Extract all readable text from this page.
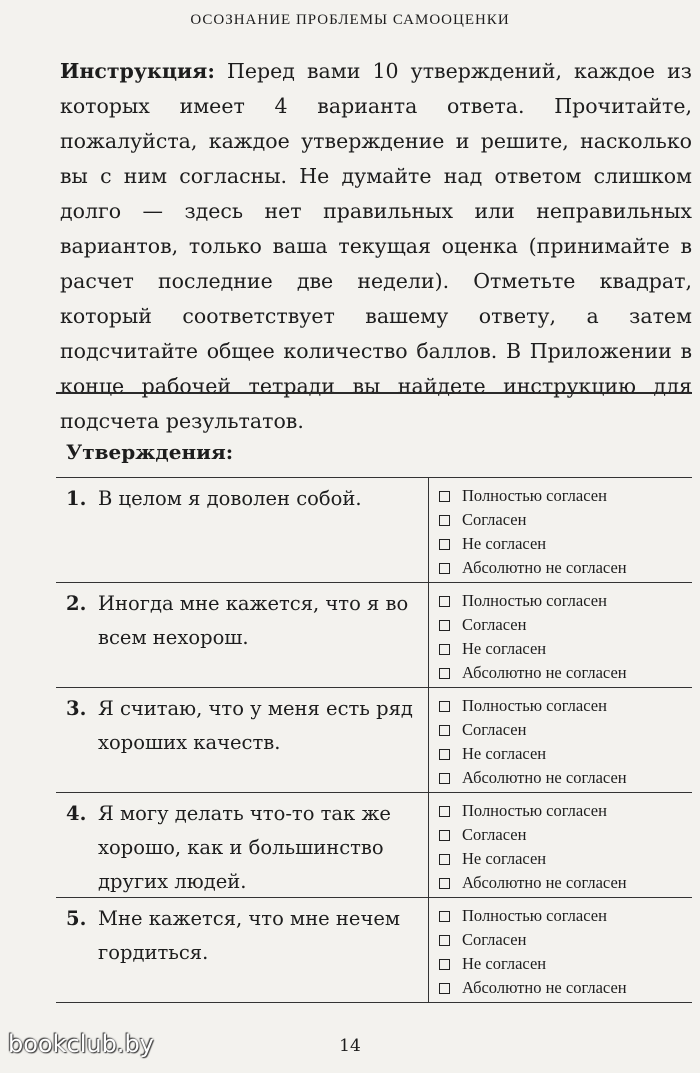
ОСОЗНАНИЕ ПРОБЛЕМЫ САМООЦЕНКИ
Инструкция: Перед вами 10 утверждений, каждое из которых имеет 4 варианта ответа. Прочитайте, пожалуйста, каждое утверждение и решите, насколько вы с ним согласны. Не думайте над ответом слишком долго — здесь нет правильных или неправильных вариантов, только ваша текущая оценка (принимайте в расчет последние две недели). Отметьте квадрат, который соответствует вашему ответу, а затем подсчитайте общее количество баллов. В Приложении в конце рабочей тетради вы найдете инструкцию для подсчета результатов.
Утверждения:
1. В целом я доволен собой.	Полностью согласен
Согласен
Не согласен
Абсолютно не согласен
2. Иногда мне кажется, что я во всем нехорош.
Полностью согласен
Согласен
Не согласен
Абсолютно не согласен
3. Я считаю, что у меня есть ряд хороших качеств.
Полностью согласен
Согласен
Не согласен
Абсолютно не согласен
4. Я могу делать что-то так же хорошо, как и большинство других людей.
Полностью согласен
Согласен
Не согласен
Абсолютно не согласен
5. Мне кажется, что мне нечем гордиться.
Полностью согласен
Согласен
Не согласен
Абсолютно не согласен
bookclub.by	14
